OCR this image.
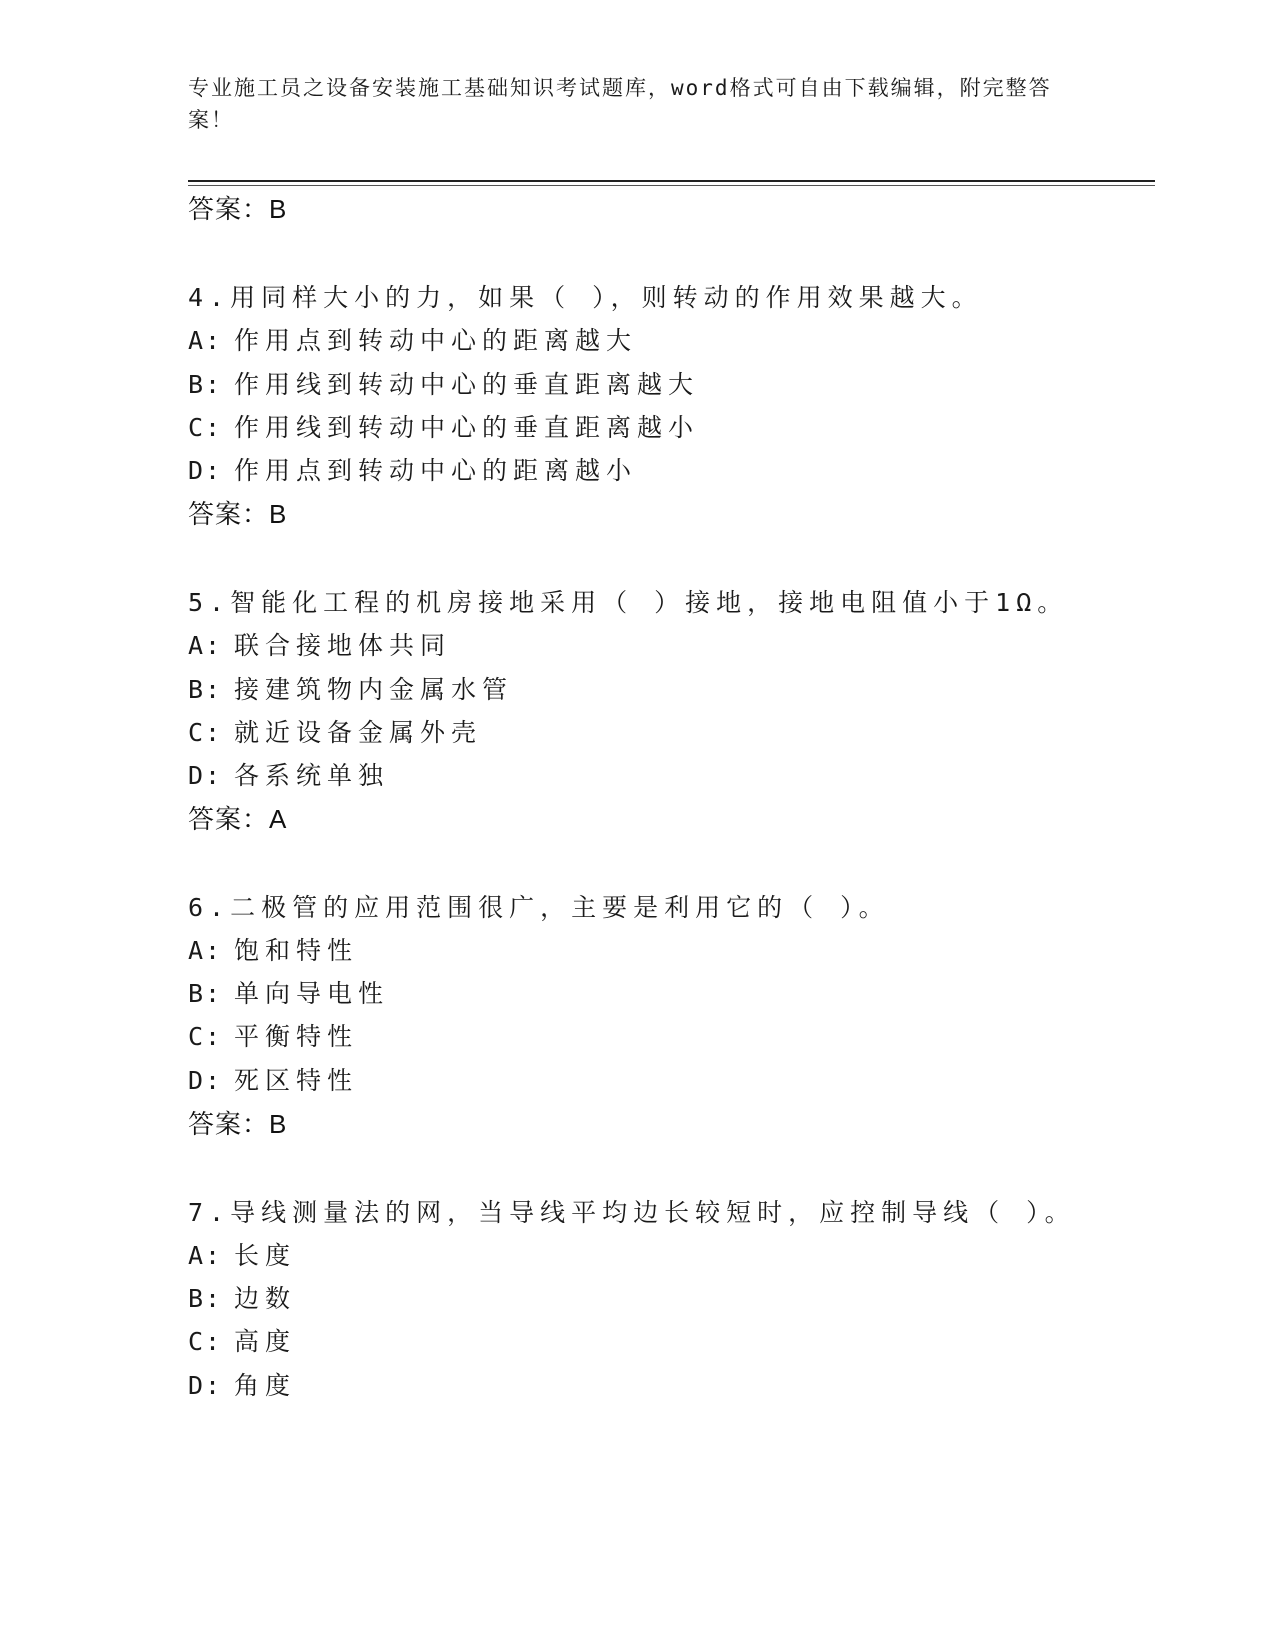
专业施工员之设备安装施工基础知识考试题库，word格式可自由下载编辑，附完整答案！
答案：B
4.用同样大小的力，如果（ ），则转动的作用效果越大。
A: 作用点到转动中心的距离越大
B: 作用线到转动中心的垂直距离越大
C: 作用线到转动中心的垂直距离越小
D: 作用点到转动中心的距离越小
答案：B
5.智能化工程的机房接地采用（ ）接地，接地电阻值小于1Ω。
A: 联合接地体共同
B: 接建筑物内金属水管
C: 就近设备金属外壳
D: 各系统单独
答案：A
6.二极管的应用范围很广，主要是利用它的（ ）。
A: 饱和特性
B: 单向导电性
C: 平衡特性
D: 死区特性
答案：B
7.导线测量法的网，当导线平均边长较短时，应控制导线（ ）。
A: 长度
B: 边数
C: 高度
D: 角度
